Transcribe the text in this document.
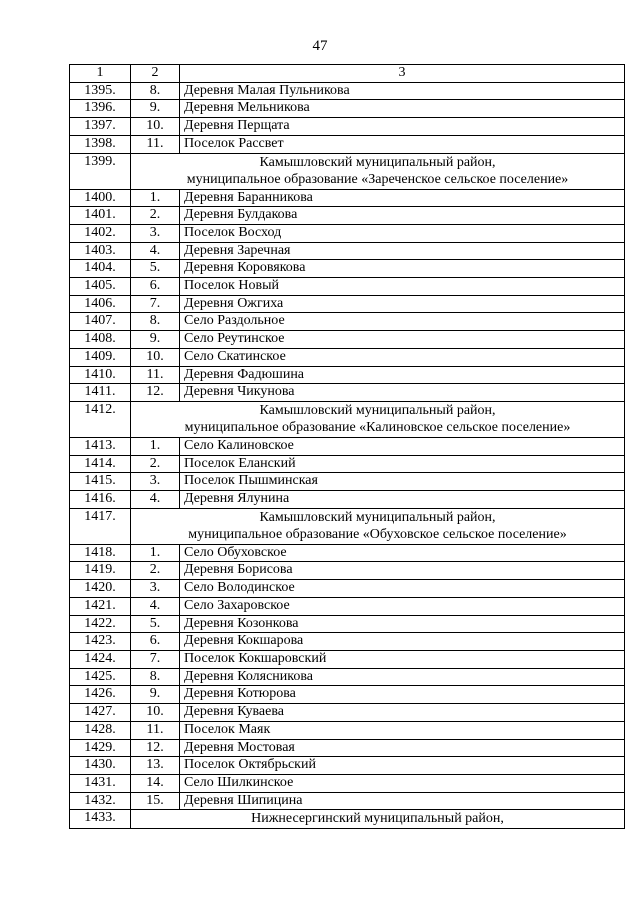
47
1	2	3
1395.	8.	Деревня Малая Пульникова
1396.	9.	Деревня Мельникова
1397.	10.	Деревня Перщата
1398.	11.	Поселок Рассвет
1399.	Камышловский муниципальный район,	
	муниципальное образование «Зареченское сельское поселение»	
1400.	1.	Деревня Баранникова
1401.	2.	Деревня Булдакова
1402.	3.	Поселок Восход
1403.	4.	Деревня Заречная
1404.	5.	Деревня Коровякова
1405.	6.	Поселок Новый
1406.	7.	Деревня Ожгиха
1407.	8.	Село Раздольное
1408.	9.	Село Реутинское
1409.	10.	Село Скатинское
1410.	11.	Деревня Фадюшина
1411.	12.	Деревня Чикунова
1412.	Камышловский муниципальный район,	
	муниципальное образование «Калиновское сельское поселение»	
1413.	1.	Село Калиновское
1414.	2.	Поселок Еланский
1415.	3.	Поселок Пышминская
1416.	4.	Деревня Ялунина
1417.	Камышловский муниципальный район,	
	муниципальное образование «Обуховское сельское поселение»	
1418.	1.	Село Обуховское
1419.	2.	Деревня Борисова
1420.	3.	Село Володинское
1421.	4.	Село Захаровское
1422.	5.	Деревня Козонкова
1423.	6.	Деревня Кокшарова
1424.	7.	Поселок Кокшаровский
1425.	8.	Деревня Колясникова
1426.	9.	Деревня Котюрова
1427.	10.	Деревня Куваева
1428.	11.	Поселок Маяк
1429.	12.	Деревня Мостовая
1430.	13.	Поселок Октябрьский
1431.	14.	Село Шилкинское
1432.	15.	Деревня Шипицина
1433.	Нижнесергинский муниципальный район,	
